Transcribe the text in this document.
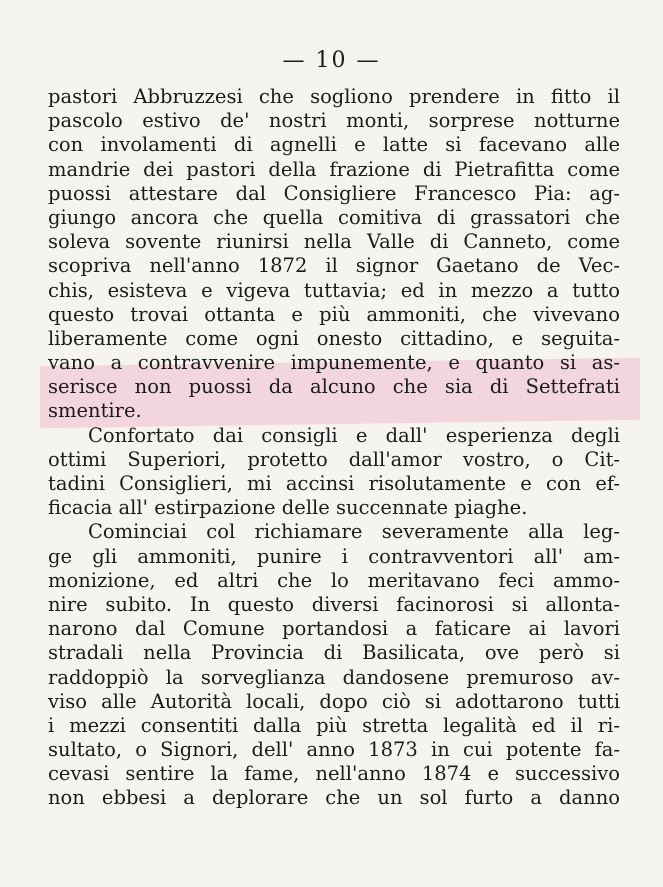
— 10 —
pastori Abbruzzesi che sogliono prendere in fitto il
pascolo estivo de' nostri monti, sorprese notturne
con involamenti di agnelli e latte si facevano alle
mandrie dei pastori della frazione di Pietrafitta come
puossi attestare dal Consigliere Francesco Pia: ag-
giungo ancora che quella comitiva di grassatori che
soleva sovente riunirsi nella Valle di Canneto, come
scopriva nell'anno 1872 il signor Gaetano de Vec-
chis, esisteva e vigeva tuttavia; ed in mezzo a tutto
questo trovai ottanta e più ammoniti, che vivevano
liberamente come ogni onesto cittadino, e seguita-
vano a contravvenire impunemente, e quanto si as-
serisce non puossi da alcuno che sia di Settefrati
smentire.
Confortato dai consigli e dall' esperienza degli
ottimi Superiori, protetto dall'amor vostro, o Cit-
tadini Consiglieri, mi accinsi risolutamente e con ef-
ficacia all' estirpazione delle succennate piaghe.
Cominciai col richiamare severamente alla leg-
ge gli ammoniti, punire i contravventori all' am-
monizione, ed altri che lo meritavano feci ammo-
nire subito. In questo diversi facinorosi si allonta-
narono dal Comune portandosi a faticare ai lavori
stradali nella Provincia di Basilicata, ove però si
raddoppiò la sorveglianza dandosene premuroso av-
viso alle Autorità locali, dopo ciò si adottarono tutti
i mezzi consentiti dalla più stretta legalità ed il ri-
sultato, o Signori, dell' anno 1873 in cui potente fa-
cevasi sentire la fame, nell'anno 1874 e successivo
non ebbesi a deplorare che un sol furto a danno
